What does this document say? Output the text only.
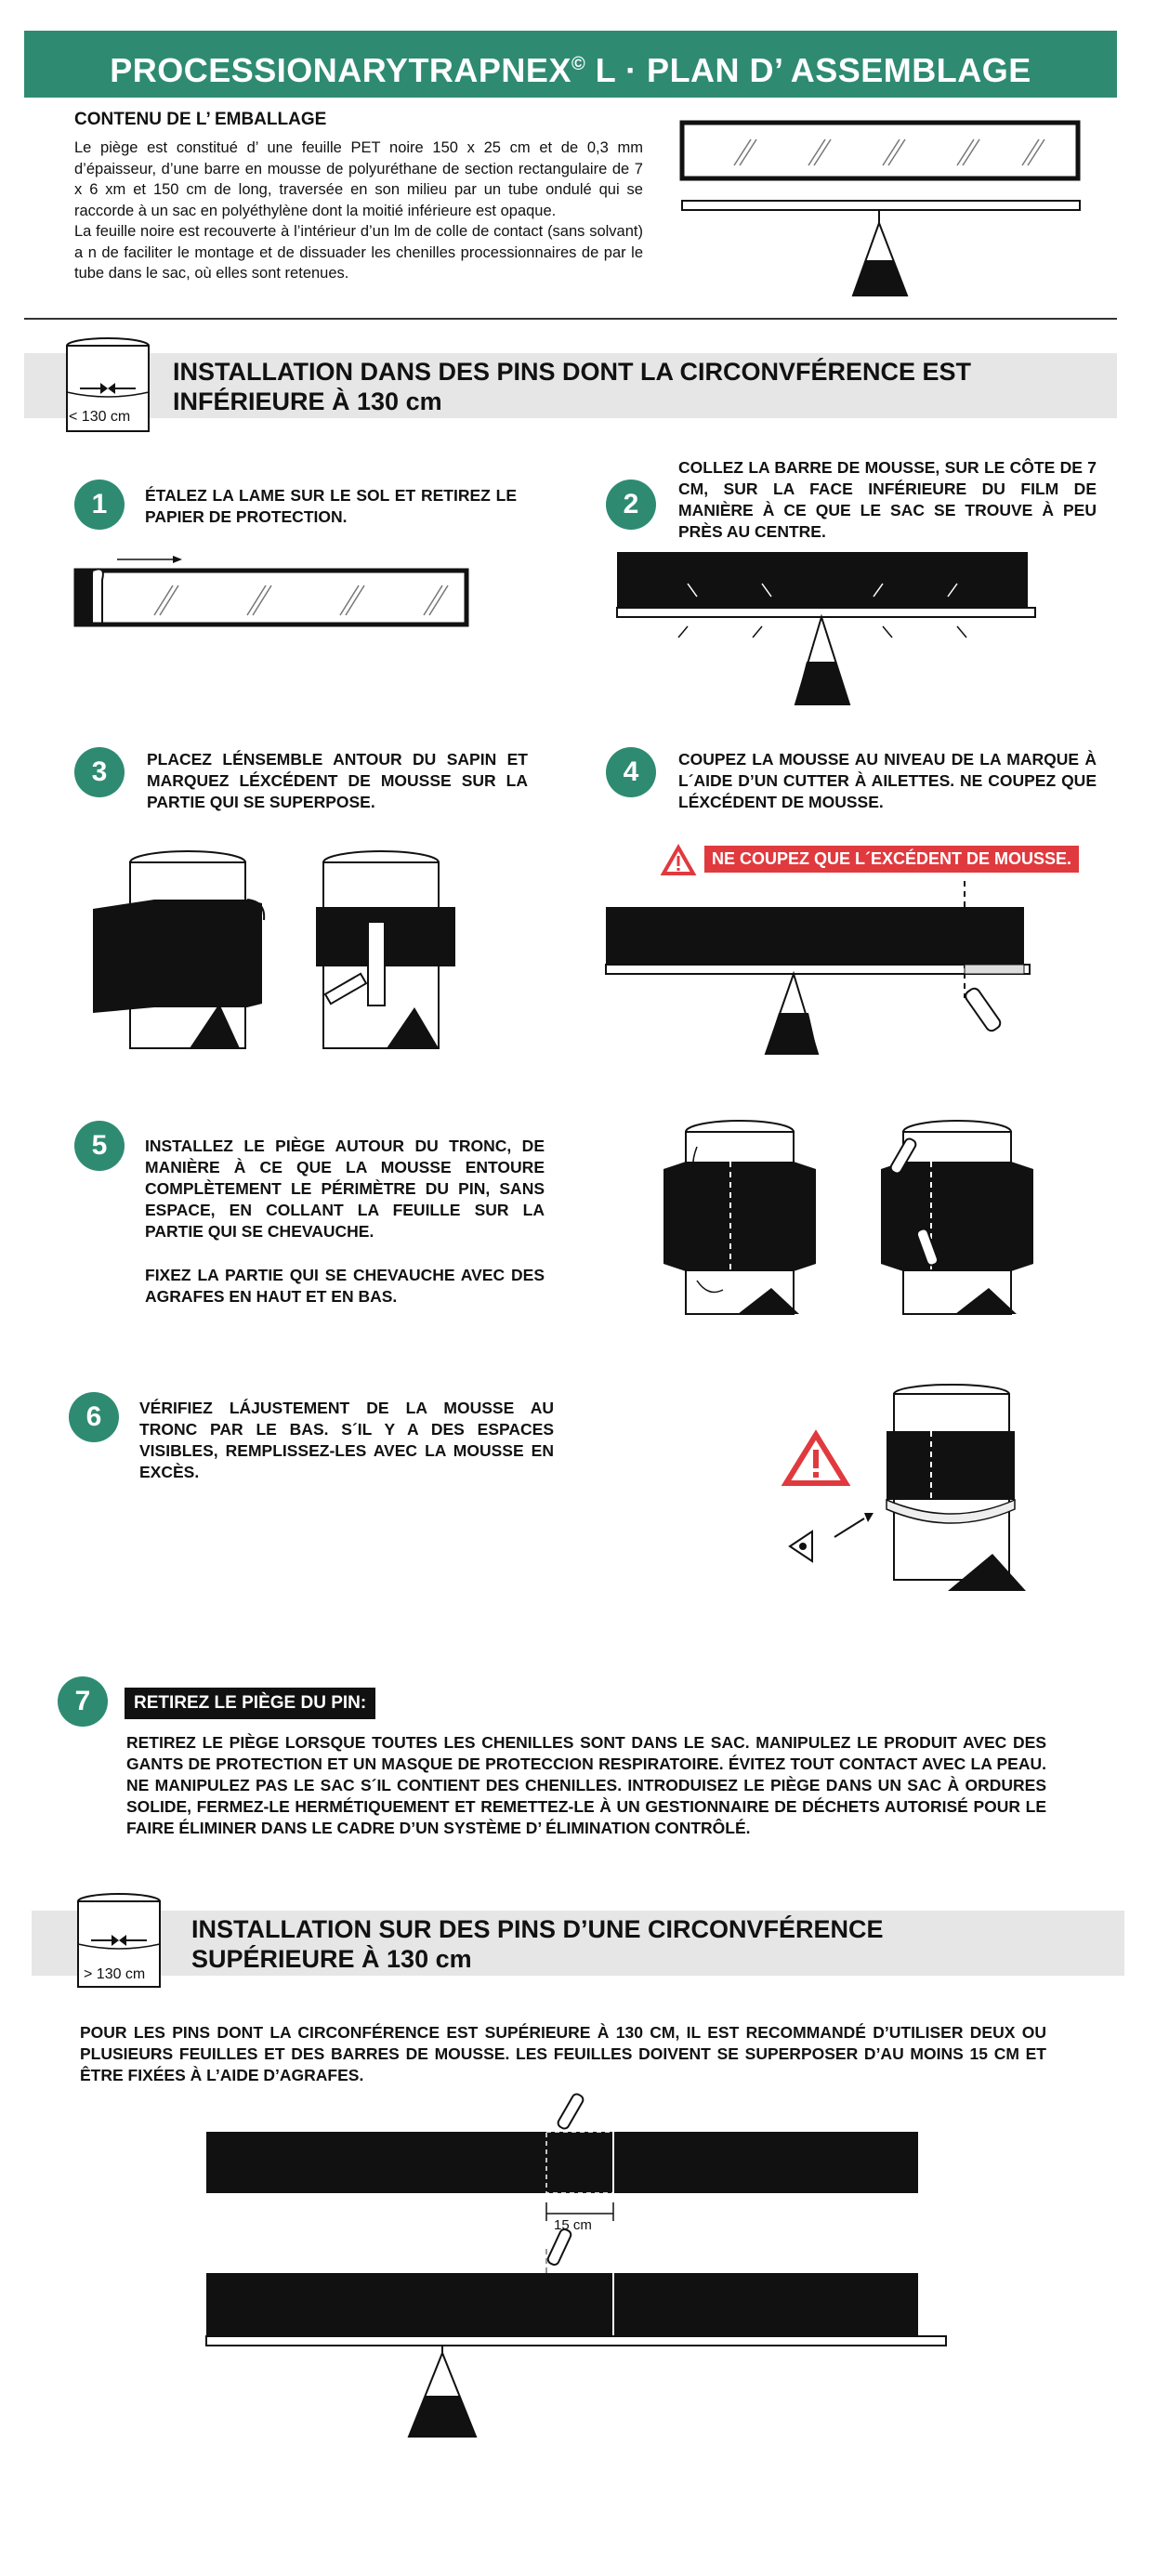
PROCESSIONARYTRAPNEX© L · PLAN D’ ASSEMBLAGE
CONTENU DE L’ EMBALLAGE
Le piège est constitué d’ une feuille PET noire 150 x 25 cm et de 0,3 mm d’épaisseur, d’une barre en mousse de polyuréthane de section rectangulaire de 7 x 6 xm et 150 cm de long, traversée en son milieu par un tube ondulé qui se raccorde à un sac en polyéthylène dont la moitié inférieure est opaque.
La feuille noire est recouverte à l’intérieur d’un lm de colle de contact (sans solvant) a n de faciliter le montage et de dissuader les chenilles processionnaires de par le tube dans le sac, où elles sont retenues.
< 130 cm
INSTALLATION DANS DES PINS DONT LA CIRCONVFÉRENCE EST
INFÉRIEURE À 130 cm
1	ÉTALEZ LA LAME SUR LE SOL ET RETIREZ LE PAPIER DE PROTECTION.	2
COLLEZ LA BARRE DE MOUSSE, SUR LE CÔTE DE 7 CM, SUR LA FACE INFÉRIEURE DU FILM DE MANIÈRE À CE QUE LE SAC SE TROUVE À PEU PRÈS AU CENTRE.
3	PLACEZ LÉNSEMBLE ANTOUR DU SAPIN ET MARQUEZ LÉXCÉDENT DE MOUSSE SUR LA PARTIE QUI SE SUPERPOSE.
4	COUPEZ LA MOUSSE AU NIVEAU DE LA MARQUE À L´AIDE D’UN CUTTER À AILETTES. NE COUPEZ QUE LÉXCÉDENT DE MOUSSE.
NE COUPEZ QUE L´EXCÉDENT DE MOUSSE.
5	INSTALLEZ LE PIÈGE AUTOUR DU TRONC, DE MANIÈRE À CE QUE LA MOUSSE ENTOURE COMPLÈTEMENT LE PÉRIMÈTRE DU PIN, SANS ESPACE, EN COLLANT LA FEUILLE SUR LA PARTIE QUI SE CHEVAUCHE.
FIXEZ LA PARTIE QUI SE CHEVAUCHE AVEC DES AGRAFES EN HAUT ET EN BAS.
6	VÉRIFIEZ LÁJUSTEMENT DE LA MOUSSE AU TRONC PAR LE BAS. S´IL Y A DES ESPACES VISIBLES, REMPLISSEZ-LES AVEC LA MOUSSE EN EXCÈS.
7	RETIREZ LE PIÈGE DU PIN:
RETIREZ LE PIÈGE LORSQUE TOUTES LES CHENILLES SONT DANS LE SAC. MANIPULEZ LE PRODUIT AVEC DES GANTS DE PROTECTION ET UN MASQUE DE PROTECCION RESPIRATOIRE. ÉVITEZ TOUT CONTACT AVEC LA PEAU. NE MANIPULEZ PAS LE SAC S´IL CONTIENT DES CHENILLES. INTRODUISEZ LE PIÈGE DANS UN SAC À ORDURES SOLIDE, FERMEZ-LE HERMÉTIQUEMENT ET REMETTEZ-LE À UN GESTIONNAIRE DE DÉCHETS AUTORISÉ POUR LE FAIRE ÉLIMINER DANS LE CADRE D’UN SYSTÈME D’ ÉLIMINATION CONTRÔLÉ.
> 130 cm
INSTALLATION SUR DES PINS D’UNE CIRCONVFÉRENCE
SUPÉRIEURE À 130 cm
POUR LES PINS DONT LA CIRCONFÉRENCE EST SUPÉRIEURE À 130 CM, IL EST RECOMMANDÉ D’UTILISER DEUX OU PLUSIEURS FEUILLES ET DES BARRES DE MOUSSE. LES FEUILLES DOIVENT SE SUPERPOSER D’AU MOINS 15 CM ET ÊTRE FIXÉES À L’AIDE D’AGRAFES.
15 cm
